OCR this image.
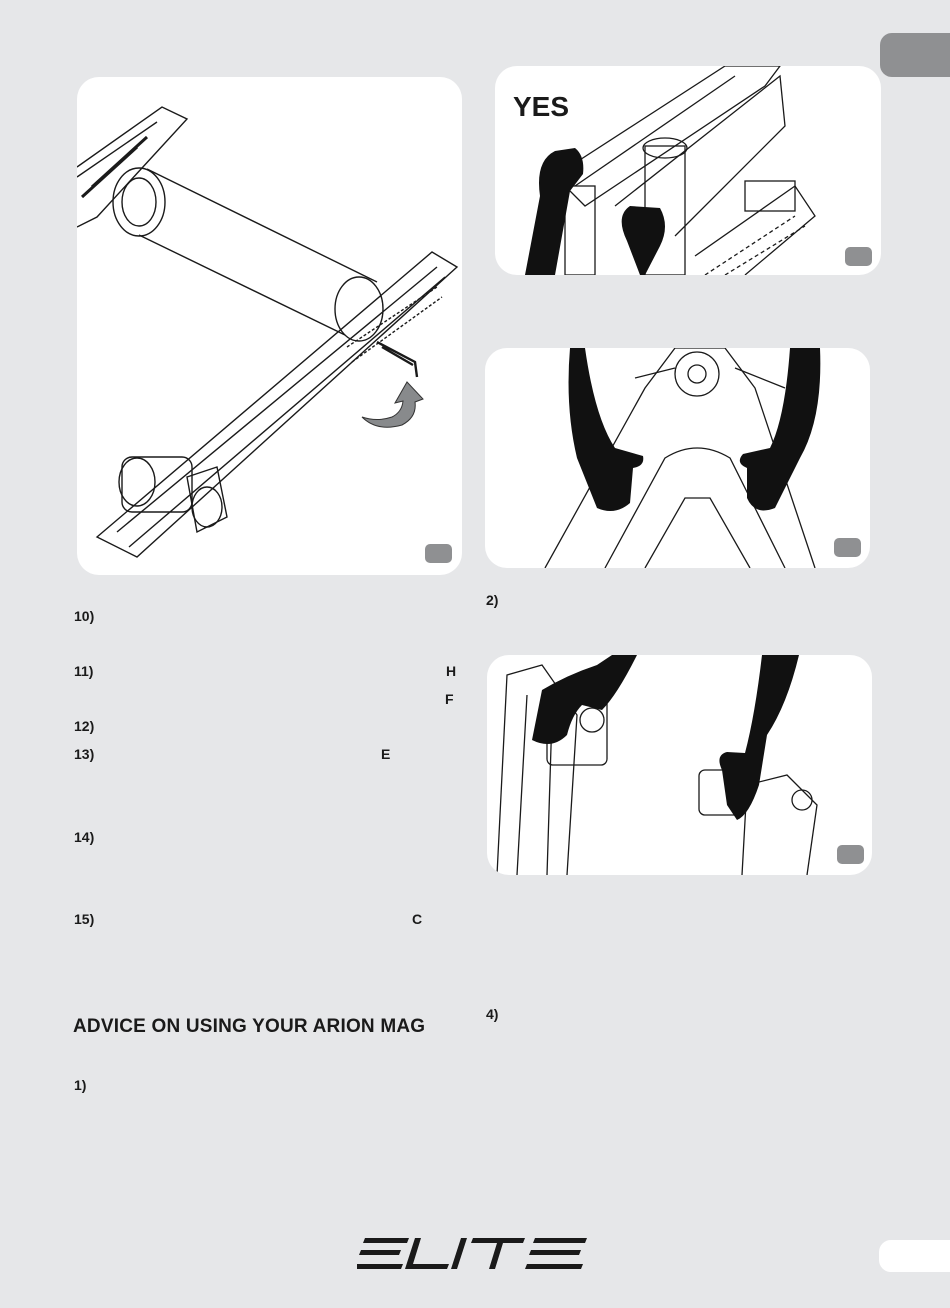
YES
10)
11)	H
F
12)
13)	E
14)
15)	C
ADVICE ON USING YOUR ARION MAG
1)
2)
4)
